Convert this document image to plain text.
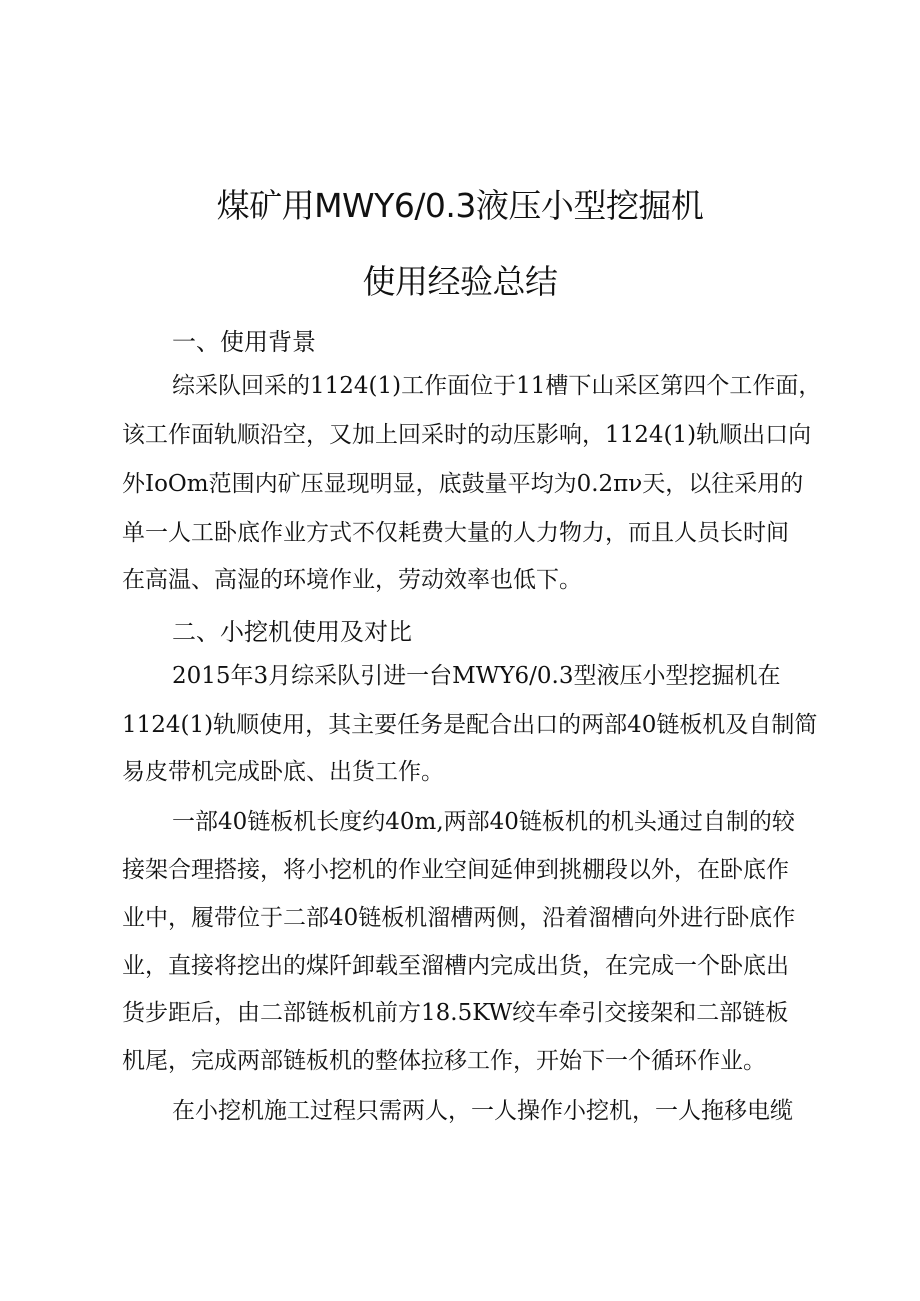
煤矿用MWY6/0.3液压小型挖掘机
使用经验总结
一、使用背景

综采队回采的1124(1)工作面位于11槽下山采区第四个工作面，

该工作面轨顺沿空，又加上回采时的动压影响，1124(1)轨顺出口向

外IoOm范围内矿压显现明显，底鼓量平均为0.2πν天，以往采用的

单一人工卧底作业方式不仅耗费大量的人力物力，而且人员长时间

在高温、高湿的环境作业，劳动效率也低下。

二、小挖机使用及对比

2015年3月综采队引进一台MWY6/0.3型液压小型挖掘机在

1124(1)轨顺使用，其主要任务是配合出口的两部40链板机及自制简

易皮带机完成卧底、出货工作。

一部40链板机长度约40m,两部40链板机的机头通过自制的较

接架合理搭接，将小挖机的作业空间延伸到挑棚段以外，在卧底作

业中，履带位于二部40链板机溜槽两侧，沿着溜槽向外进行卧底作

业，直接将挖出的煤阡卸载至溜槽内完成出货，在完成一个卧底出

货步距后，由二部链板机前方18.5KW绞车牵引交接架和二部链板

机尾，完成两部链板机的整体拉移工作，开始下一个循环作业。

在小挖机施工过程只需两人，一人操作小挖机，一人拖移电缆
